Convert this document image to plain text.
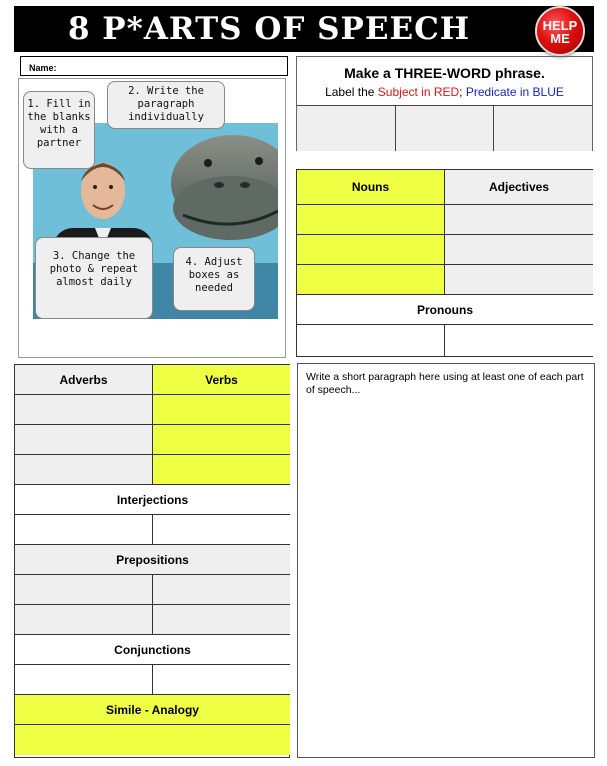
8 P*ARTS OF SPEECH	HELP
ME
Name:
1. Fill in the blanks with a partner
2. Write the paragraph individually
3. Change the photo & repeat almost daily
4. Adjust boxes as needed
Make a THREE-WORD phrase.
Label the Subject in RED; Predicate in BLUE
Nouns	Adjectives
Pronouns
Adverbs	Verbs
Interjections
Prepositions
Conjunctions
Simile - Analogy
Write a short paragraph here using at least one of each part of speech...
